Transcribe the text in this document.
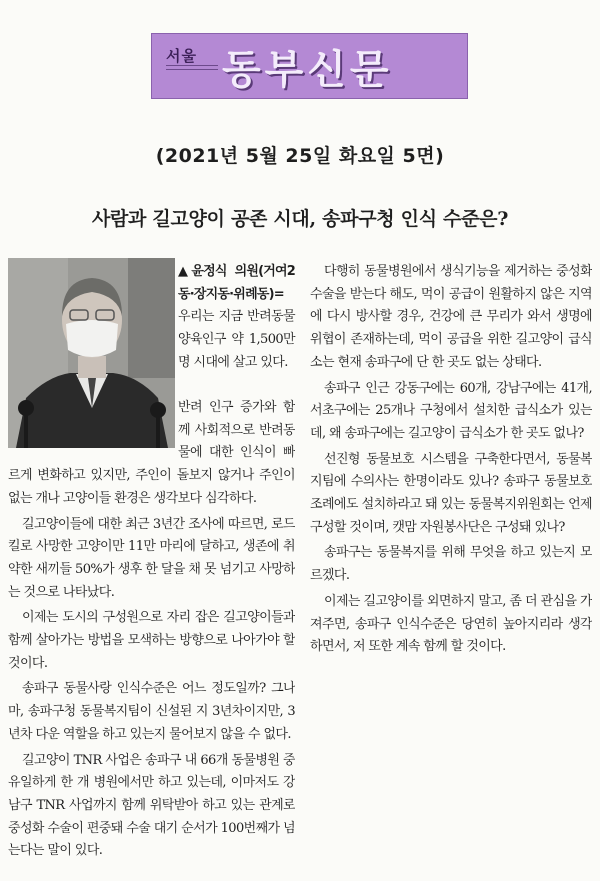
서울 동부신문
(2021년 5월 25일 화요일 5면)
사람과 길고양이 공존 시대, 송파구청 인식 수준은?

▲윤정식 의원(거여2동·장지동·위례동)= 우리는 지금 반려동물 양육인구 약 1,500만명 시대에 살고 있다.

반려 인구 증가와 함께 사회적으로 반려동물에 대한 인식이 빠르게 변화하고 있지만, 주인이 돌보지 않거나 주인이 없는 개나 고양이들 환경은 생각보다 심각하다.

길고양이들에 대한 최근 3년간 조사에 따르면, 로드킬로 사망한 고양이만 11만 마리에 달하고, 생존에 취약한 새끼들 50%가 생후 한 달을 채 못 넘기고 사망하는 것으로 나타났다.

이제는 도시의 구성원으로 자리 잡은 길고양이들과 함께 살아가는 방법을 모색하는 방향으로 나아가야 할 것이다.

송파구 동물사랑 인식수준은 어느 정도일까? 그나마, 송파구청 동물복지팀이 신설된 지 3년차이지만, 3년차 다운 역할을 하고 있는지 물어보지 않을 수 없다.

길고양이 TNR 사업은 송파구 내 66개 동물병원 중 유일하게 한 개 병원에서만 하고 있는데, 이마저도 강남구 TNR 사업까지 함께 위탁받아 하고 있는 관계로 중성화 수술이 편중돼 수술 대기 순서가 100번째가 넘는다는 말이 있다.

다행히 동물병원에서 생식기능을 제거하는 중성화 수술을 받는다 해도, 먹이 공급이 원활하지 않은 지역에 다시 방사할 경우, 건강에 큰 무리가 와서 생명에 위협이 존재하는데, 먹이 공급을 위한 길고양이 급식소는 현재 송파구에 단 한 곳도 없는 상태다.

송파구 인근 강동구에는 60개, 강남구에는 41개, 서초구에는 25개나 구청에서 설치한 급식소가 있는데, 왜 송파구에는 길고양이 급식소가 한 곳도 없나?

선진형 동물보호 시스템을 구축한다면서, 동물복지팀에 수의사는 한명이라도 있나? 송파구 동물보호 조례에도 설치하라고 돼 있는 동물복지위원회는 언제 구성할 것이며, 캣맘 자원봉사단은 구성돼 있나?

송파구는 동물복지를 위해 무엇을 하고 있는지 모르겠다.

이제는 길고양이를 외면하지 말고, 좀 더 관심을 가져주면, 송파구 인식수준은 당연히 높아지리라 생각하면서, 저 또한 계속 함께 할 것이다.
